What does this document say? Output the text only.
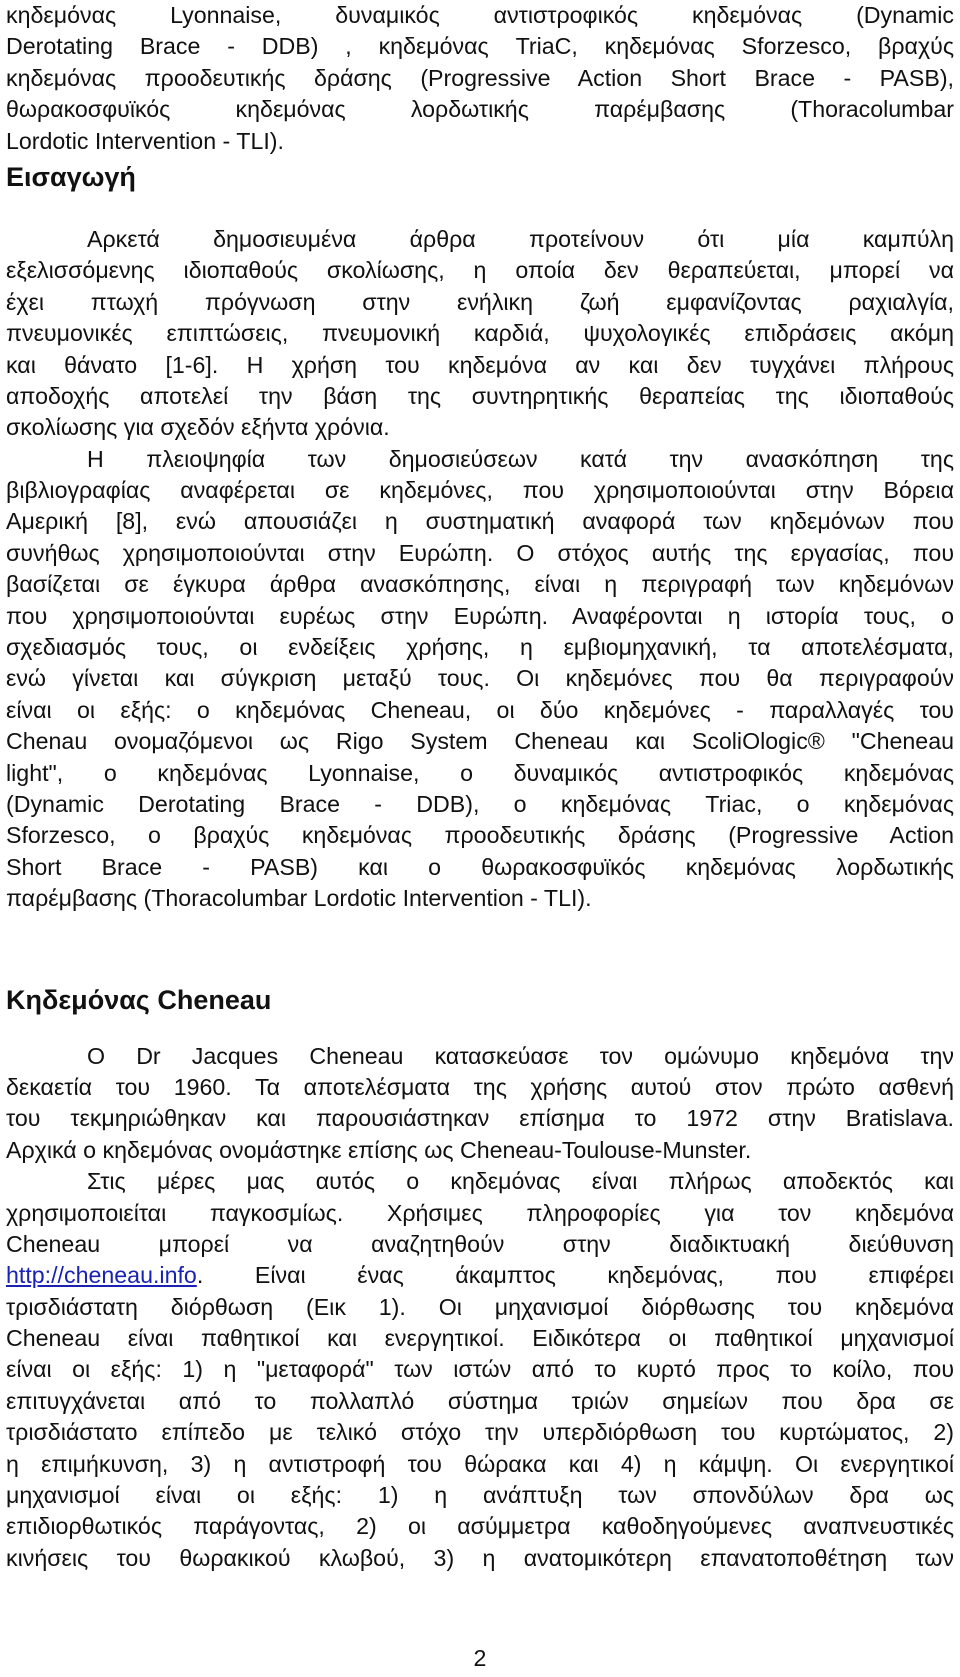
κηδεμόνας Lyonnaise, δυναμικός αντιστροφικός κηδεμόνας (Dynamic
Derotating Brace - DDB) , κηδεμόνας TriaC, κηδεμόνας Sforzesco, βραχύς
κηδεμόνας προοδευτικής δράσης (Progressive Action Short Brace - PASB),
θωρακοσφυϊκός κηδεμόνας λορδωτικής παρέμβασης (Thoracolumbar
Lordotic Intervention - TLI).
Εισαγωγή
Αρκετά δημοσιευμένα άρθρα προτείνουν ότι μία καμπύλη
εξελισσόμενης ιδιοπαθούς σκολίωσης, η οποία δεν θεραπεύεται, μπορεί να
έχει πτωχή πρόγνωση στην ενήλικη ζωή εμφανίζοντας ραχιαλγία,
πνευμονικές επιπτώσεις, πνευμονική καρδιά, ψυχολογικές επιδράσεις ακόμη
και θάνατο [1-6]. Η χρήση του κηδεμόνα αν και δεν τυγχάνει πλήρους
αποδοχής αποτελεί την βάση της συντηρητικής θεραπείας της ιδιοπαθούς
σκολίωσης για σχεδόν εξήντα χρόνια.
Η πλειοψηφία των δημοσιεύσεων κατά την ανασκόπηση της
βιβλιογραφίας αναφέρεται σε κηδεμόνες, που χρησιμοποιούνται στην Βόρεια
Αμερική [8], ενώ απουσιάζει η συστηματική αναφορά των κηδεμόνων που
συνήθως χρησιμοποιούνται στην Ευρώπη. Ο στόχος αυτής της εργασίας, που
βασίζεται σε έγκυρα άρθρα ανασκόπησης, είναι η περιγραφή των κηδεμόνων
που χρησιμοποιούνται ευρέως στην Ευρώπη. Αναφέρονται η ιστορία τους, ο
σχεδιασμός τους, οι ενδείξεις χρήσης, η εμβιομηχανική, τα αποτελέσματα,
ενώ γίνεται και σύγκριση μεταξύ τους. Οι κηδεμόνες που θα περιγραφούν
είναι οι εξής: ο κηδεμόνας Cheneau, οι δύο κηδεμόνες - παραλλαγές του
Chenau ονομαζόμενοι ως Rigo System Cheneau και ScoliOlogic® "Cheneau
light", ο κηδεμόνας Lyonnaise, ο δυναμικός αντιστροφικός κηδεμόνας
(Dynamic Derotating Brace - DDB), ο κηδεμόνας Triac, ο κηδεμόνας
Sforzesco, ο βραχύς κηδεμόνας προοδευτικής δράσης (Progressive Action
Short Brace - PASB) και ο θωρακοσφυϊκός κηδεμόνας λορδωτικής
παρέμβασης (Thoracolumbar Lordotic Intervention - TLI).
Κηδεμόνας Cheneau
Ο Dr Jacques Cheneau κατασκεύασε τον ομώνυμο κηδεμόνα την
δεκαετία του 1960. Τα αποτελέσματα της χρήσης αυτού στον πρώτο ασθενή
του τεκμηριώθηκαν και παρουσιάστηκαν επίσημα το 1972 στην Bratislava.
Αρχικά ο κηδεμόνας ονομάστηκε επίσης ως Cheneau-Toulouse-Munster.
Στις μέρες μας αυτός ο κηδεμόνας είναι πλήρως αποδεκτός και
χρησιμοποιείται παγκοσμίως. Χρήσιμες πληροφορίες για τον κηδεμόνα
Cheneau μπορεί να αναζητηθούν στην διαδικτυακή διεύθυνση
http://cheneau.info. Είναι ένας άκαμπτος κηδεμόνας, που επιφέρει
τρισδιάστατη διόρθωση (Εικ 1). Οι μηχανισμοί διόρθωσης του κηδεμόνα
Cheneau είναι παθητικοί και ενεργητικοί. Ειδικότερα οι παθητικοί μηχανισμοί
είναι οι εξής: 1) η "μεταφορά" των ιστών από το κυρτό προς το κοίλο, που
επιτυγχάνεται από το πολλαπλό σύστημα τριών σημείων που δρα σε
τρισδιάστατο επίπεδο με τελικό στόχο την υπερδιόρθωση του κυρτώματος, 2)
η επιμήκυνση, 3) η αντιστροφή του θώρακα και 4) η κάμψη. Οι ενεργητικοί
μηχανισμοί είναι οι εξής: 1) η ανάπτυξη των σπονδύλων δρα ως
επιδιορθωτικός παράγοντας, 2) οι ασύμμετρα καθοδηγούμενες αναπνευστικές
κινήσεις του θωρακικού κλωβού, 3) η ανατομικότερη επανατοποθέτηση των
2
